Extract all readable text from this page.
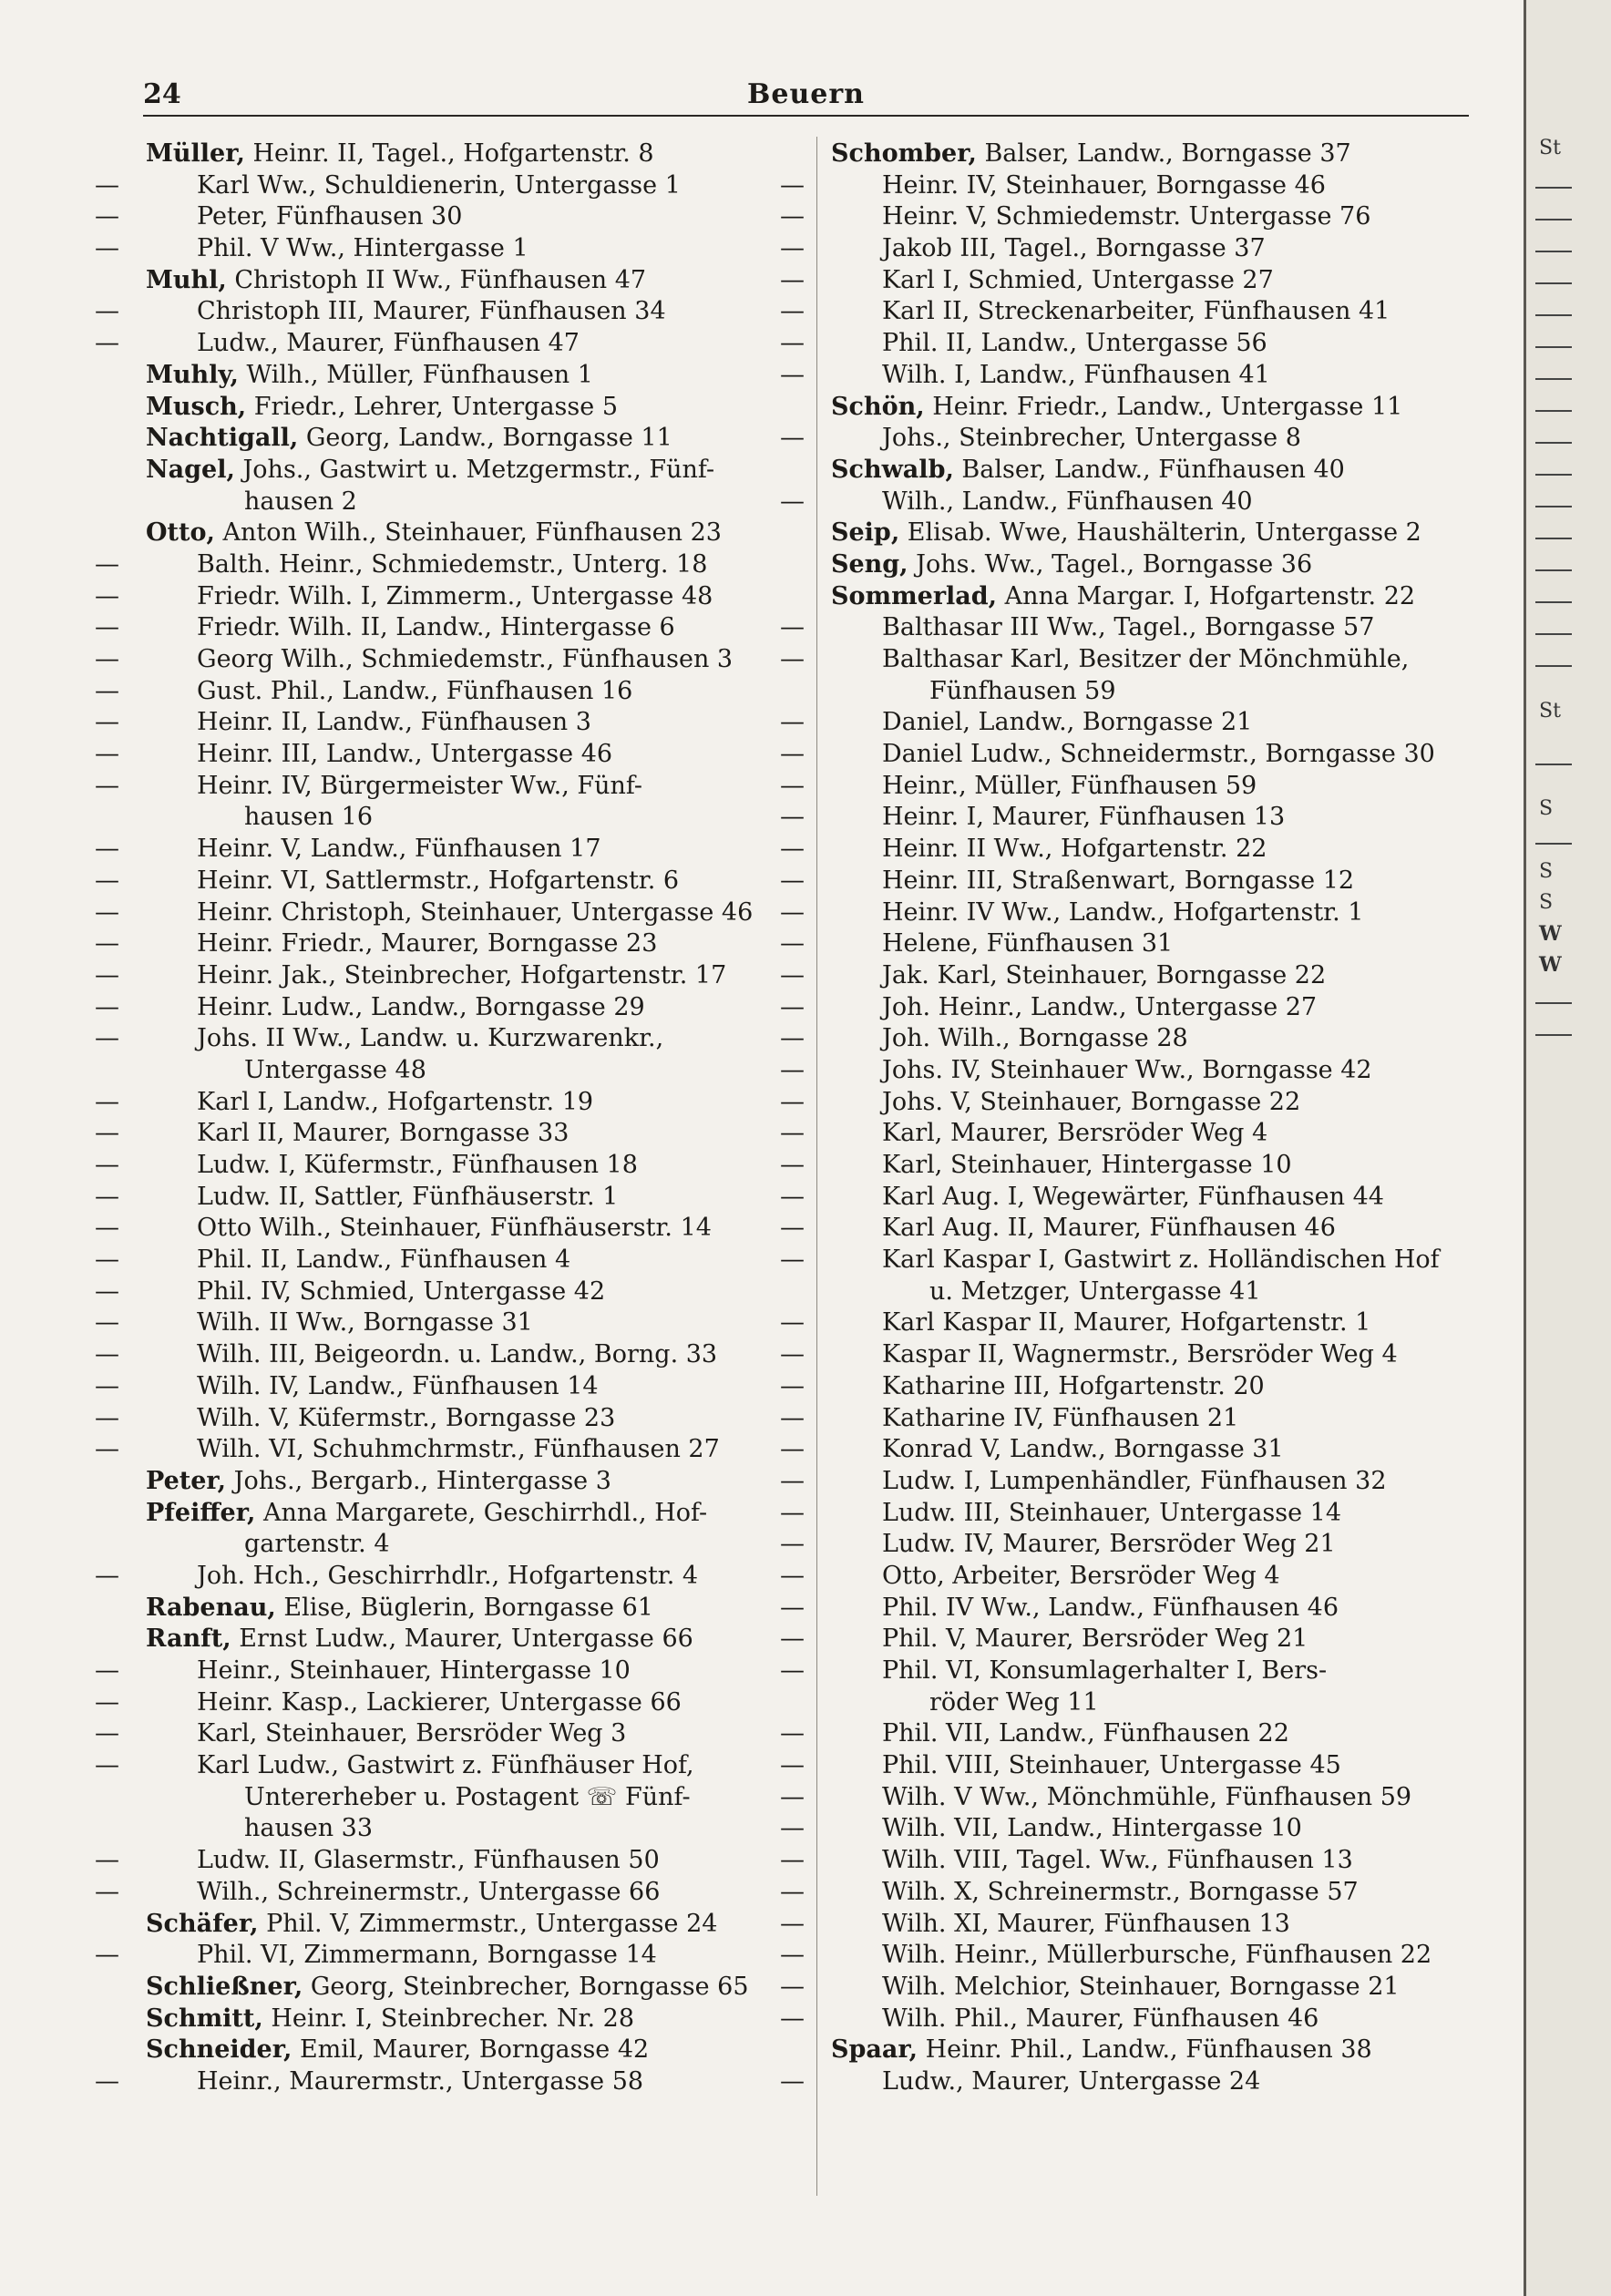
24	Beuern
Müller, Heinr. II, Tagel., Hofgartenstr. 8
—	Karl Ww., Schuldienerin, Untergasse 1
—	Peter, Fünfhausen 30
—	Phil. V Ww., Hintergasse 1
Muhl, Christoph II Ww., Fünfhausen 47
—	Christoph III, Maurer, Fünfhausen 34
—	Ludw., Maurer, Fünfhausen 47
Muhly, Wilh., Müller, Fünfhausen 1
Musch, Friedr., Lehrer, Untergasse 5
Nachtigall, Georg, Landw., Borngasse 11
Nagel, Johs., Gastwirt u. Metzgermstr., Fünf-
hausen 2
Otto, Anton Wilh., Steinhauer, Fünfhausen 23
—	Balth. Heinr., Schmiedemstr., Unterg. 18
—	Friedr. Wilh. I, Zimmerm., Untergasse 48
—	Friedr. Wilh. II, Landw., Hintergasse 6
—	Georg Wilh., Schmiedemstr., Fünfhausen 3
—	Gust. Phil., Landw., Fünfhausen 16
—	Heinr. II, Landw., Fünfhausen 3
—	Heinr. III, Landw., Untergasse 46
—	Heinr. IV, Bürgermeister Ww., Fünf-
hausen 16
—	Heinr. V, Landw., Fünfhausen 17
—	Heinr. VI, Sattlermstr., Hofgartenstr. 6
—	Heinr. Christoph, Steinhauer, Untergasse 46
—	Heinr. Friedr., Maurer, Borngasse 23
—	Heinr. Jak., Steinbrecher, Hofgartenstr. 17
—	Heinr. Ludw., Landw., Borngasse 29
—	Johs. II Ww., Landw. u. Kurzwarenkr.,
Untergasse 48
—	Karl I, Landw., Hofgartenstr. 19
—	Karl II, Maurer, Borngasse 33
—	Ludw. I, Küfermstr., Fünfhausen 18
—	Ludw. II, Sattler, Fünfhäuserstr. 1
—	Otto Wilh., Steinhauer, Fünfhäuserstr. 14
—	Phil. II, Landw., Fünfhausen 4
—	Phil. IV, Schmied, Untergasse 42
—	Wilh. II Ww., Borngasse 31
—	Wilh. III, Beigeordn. u. Landw., Borng. 33
—	Wilh. IV, Landw., Fünfhausen 14
—	Wilh. V, Küfermstr., Borngasse 23
—	Wilh. VI, Schuhmchrmstr., Fünfhausen 27
Peter, Johs., Bergarb., Hintergasse 3
Pfeiffer, Anna Margarete, Geschirrhdl., Hof-
gartenstr. 4
—	Joh. Hch., Geschirrhdlr., Hofgartenstr. 4
Rabenau, Elise, Büglerin, Borngasse 61
Ranft, Ernst Ludw., Maurer, Untergasse 66
—	Heinr., Steinhauer, Hintergasse 10
—	Heinr. Kasp., Lackierer, Untergasse 66
—	Karl, Steinhauer, Bersröder Weg 3
—	Karl Ludw., Gastwirt z. Fünfhäuser Hof,
Untererheber u. Postagent ☏ Fünf-
hausen 33
—	Ludw. II, Glasermstr., Fünfhausen 50
—	Wilh., Schreinermstr., Untergasse 66
Schäfer, Phil. V, Zimmermstr., Untergasse 24
—	Phil. VI, Zimmermann, Borngasse 14
Schließner, Georg, Steinbrecher, Borngasse 65
Schmitt, Heinr. I, Steinbrecher. Nr. 28
Schneider, Emil, Maurer, Borngasse 42
—	Heinr., Maurermstr., Untergasse 58
Schomber, Balser, Landw., Borngasse 37
—	Heinr. IV, Steinhauer, Borngasse 46
—	Heinr. V, Schmiedemstr. Untergasse 76
—	Jakob III, Tagel., Borngasse 37
—	Karl I, Schmied, Untergasse 27
—	Karl II, Streckenarbeiter, Fünfhausen 41
—	Phil. II, Landw., Untergasse 56
—	Wilh. I, Landw., Fünfhausen 41
Schön, Heinr. Friedr., Landw., Untergasse 11
—	Johs., Steinbrecher, Untergasse 8
Schwalb, Balser, Landw., Fünfhausen 40
—	Wilh., Landw., Fünfhausen 40
Seip, Elisab. Wwe, Haushälterin, Untergasse 2
Seng, Johs. Ww., Tagel., Borngasse 36
Sommerlad, Anna Margar. I, Hofgartenstr. 22
—	Balthasar III Ww., Tagel., Borngasse 57
—	Balthasar Karl, Besitzer der Mönchmühle,
Fünfhausen 59
—	Daniel, Landw., Borngasse 21
—	Daniel Ludw., Schneidermstr., Borngasse 30
—	Heinr., Müller, Fünfhausen 59
—	Heinr. I, Maurer, Fünfhausen 13
—	Heinr. II Ww., Hofgartenstr. 22
—	Heinr. III, Straßenwart, Borngasse 12
—	Heinr. IV Ww., Landw., Hofgartenstr. 1
—	Helene, Fünfhausen 31
—	Jak. Karl, Steinhauer, Borngasse 22
—	Joh. Heinr., Landw., Untergasse 27
—	Joh. Wilh., Borngasse 28
—	Johs. IV, Steinhauer Ww., Borngasse 42
—	Johs. V, Steinhauer, Borngasse 22
—	Karl, Maurer, Bersröder Weg 4
—	Karl, Steinhauer, Hintergasse 10
—	Karl Aug. I, Wegewärter, Fünfhausen 44
—	Karl Aug. II, Maurer, Fünfhausen 46
—	Karl Kaspar I, Gastwirt z. Holländischen Hof
u. Metzger, Untergasse 41
—	Karl Kaspar II, Maurer, Hofgartenstr. 1
—	Kaspar II, Wagnermstr., Bersröder Weg 4
—	Katharine III, Hofgartenstr. 20
—	Katharine IV, Fünfhausen 21
—	Konrad V, Landw., Borngasse 31
—	Ludw. I, Lumpenhändler, Fünfhausen 32
—	Ludw. III, Steinhauer, Untergasse 14
—	Ludw. IV, Maurer, Bersröder Weg 21
—	Otto, Arbeiter, Bersröder Weg 4
—	Phil. IV Ww., Landw., Fünfhausen 46
—	Phil. V, Maurer, Bersröder Weg 21
—	Phil. VI, Konsumlagerhalter I, Bers-
röder Weg 11
—	Phil. VII, Landw., Fünfhausen 22
—	Phil. VIII, Steinhauer, Untergasse 45
—	Wilh. V Ww., Mönchmühle, Fünfhausen 59
—	Wilh. VII, Landw., Hintergasse 10
—	Wilh. VIII, Tagel. Ww., Fünfhausen 13
—	Wilh. X, Schreinermstr., Borngasse 57
—	Wilh. XI, Maurer, Fünfhausen 13
—	Wilh. Heinr., Müllerbursche, Fünfhausen 22
—	Wilh. Melchior, Steinhauer, Borngasse 21
—	Wilh. Phil., Maurer, Fünfhausen 46
Spaar, Heinr. Phil., Landw., Fünfhausen 38
—	Ludw., Maurer, Untergasse 24
St
St
S
S
S
W
W
